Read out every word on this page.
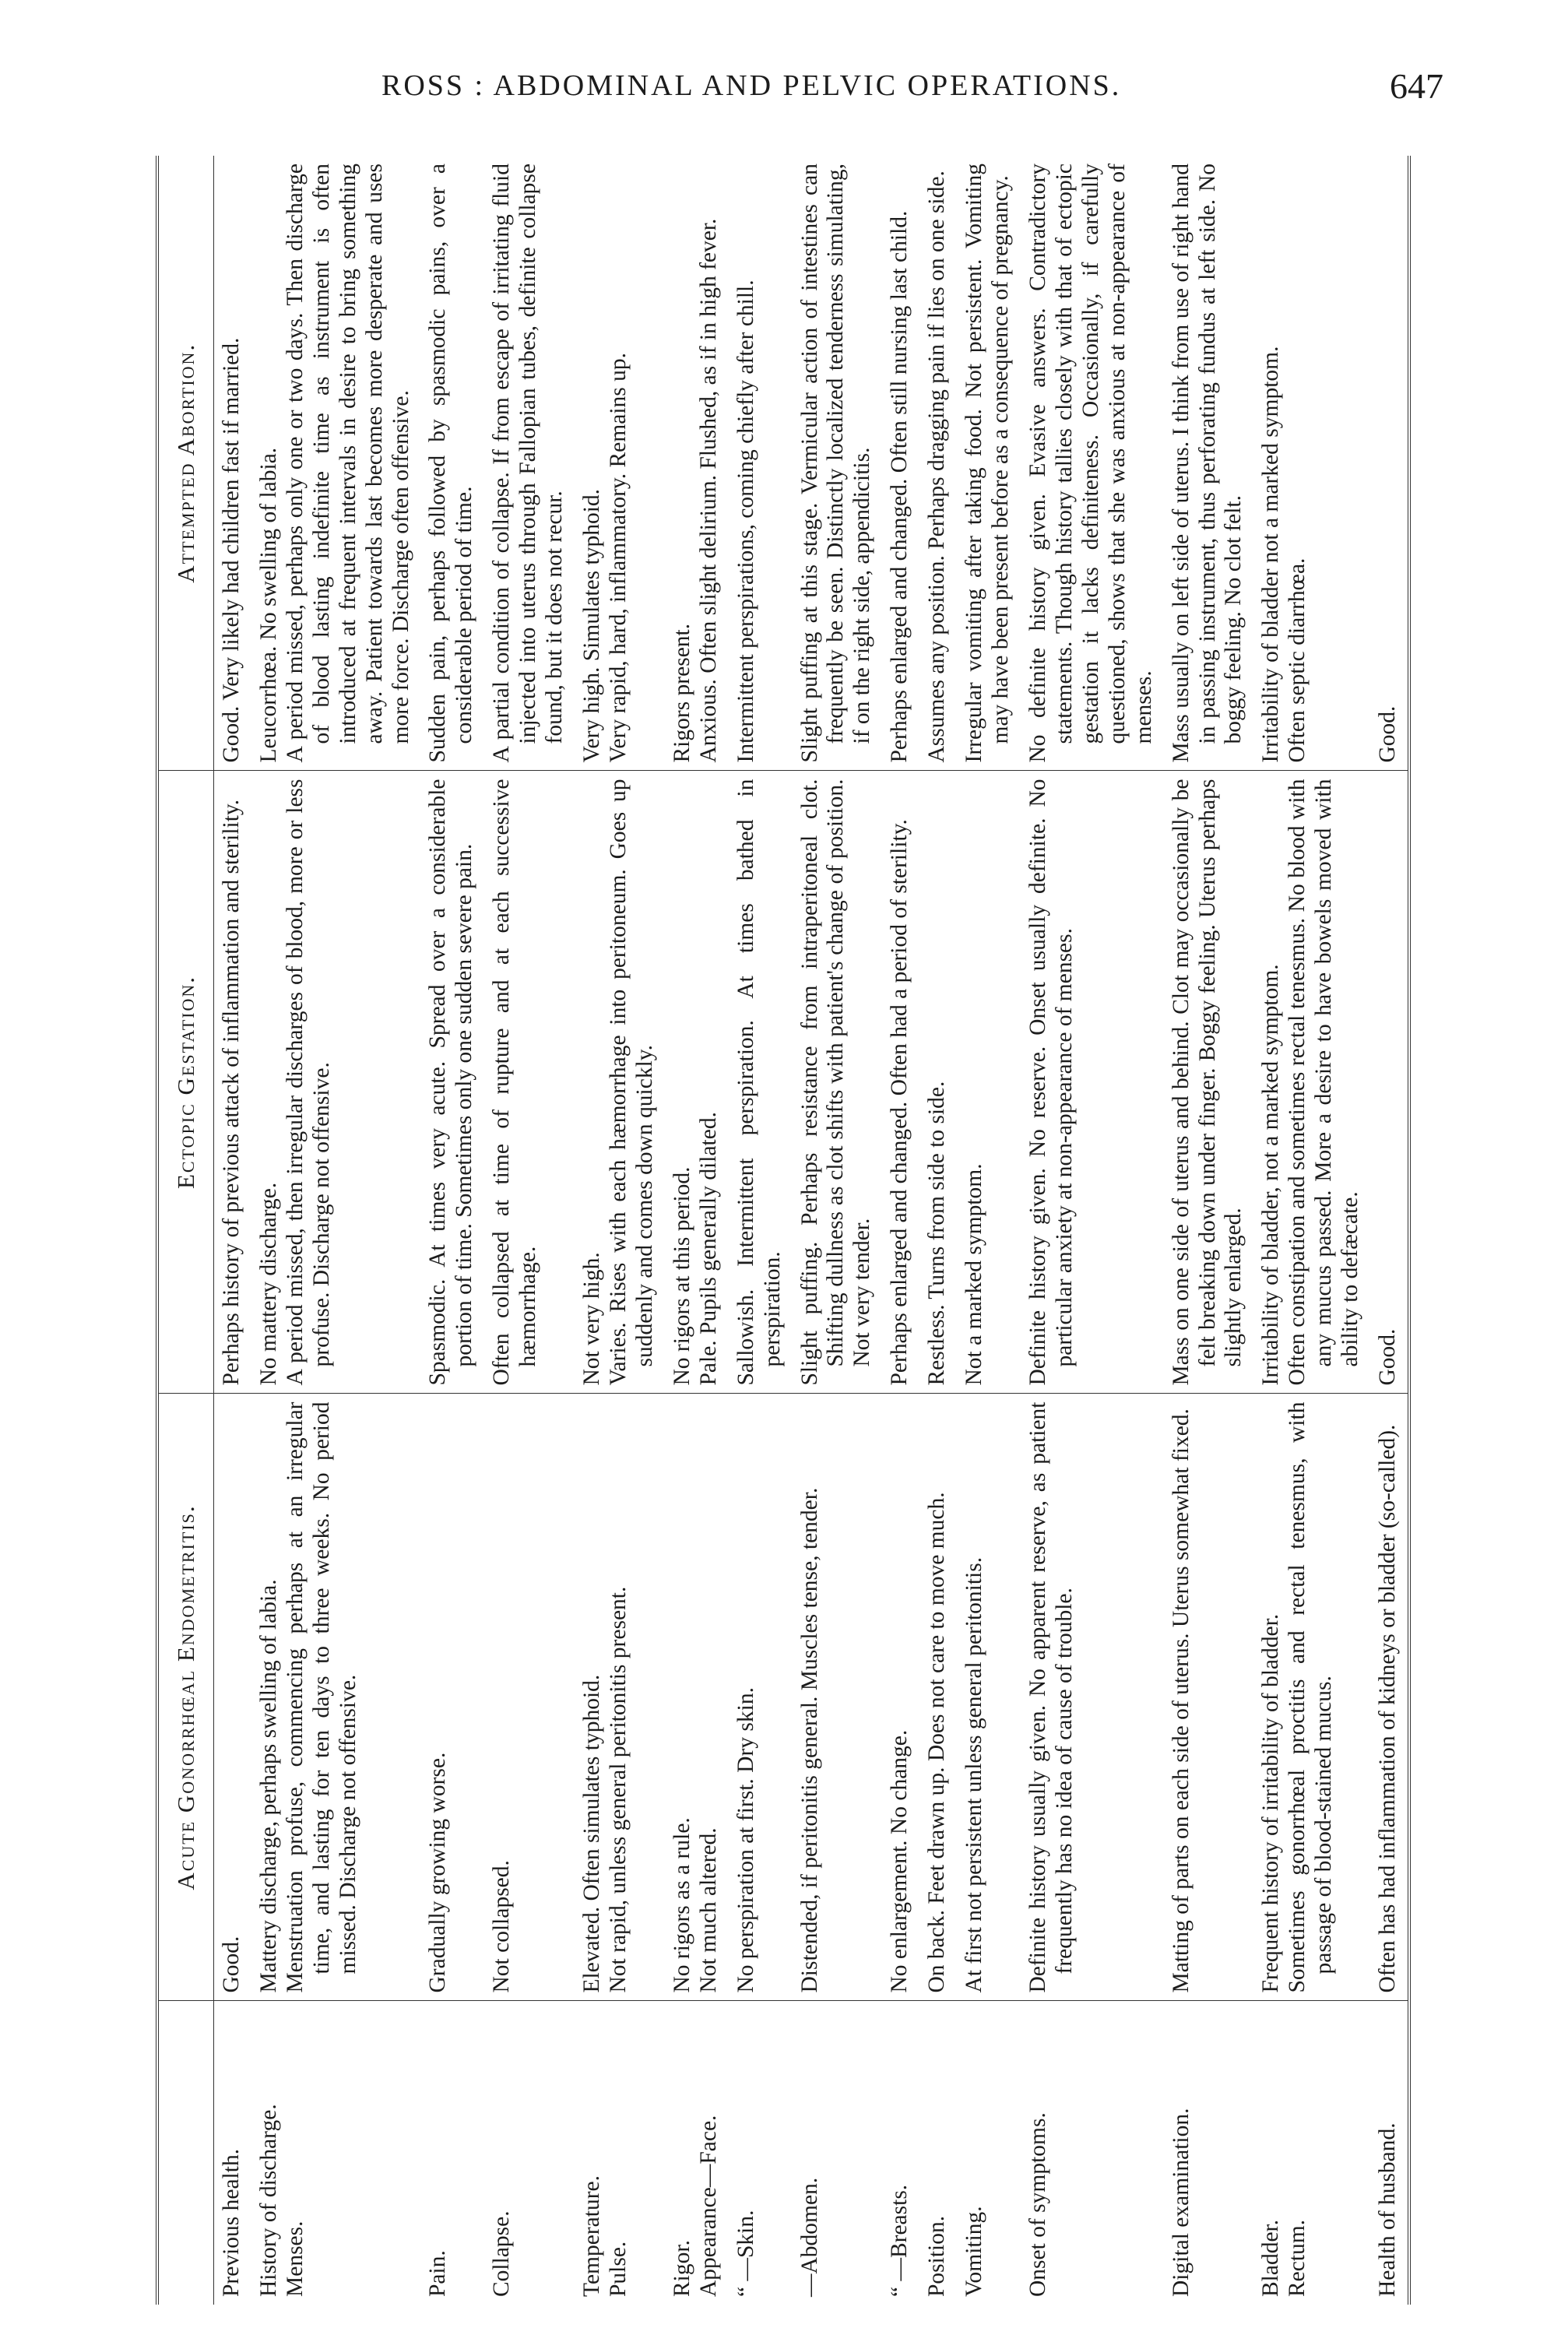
ROSS : ABDOMINAL AND PELVIC OPERATIONS.	647
	Acute Gonorrhœal Endometritis.	Ectopic Gestation.	Attempted Abortion.

Previous health.	Good.	Perhaps history of previous attack of inflammation and sterility.	Good. Very likely had children fast if married.

History of discharge. Menses.	Mattery discharge, perhaps swelling of labia. Menstruation profuse, commencing perhaps at an irregular time, and lasting for ten days to three weeks. No period missed. Discharge not offensive.	No mattery discharge. A period missed, then irregular discharges of blood, more or less profuse. Discharge not offensive.	Leucorrhœa. No swelling of labia. A period missed, perhaps only one or two days. Then discharge of blood lasting indefinite time as instrument is often introduced at frequent intervals in desire to bring something away. Patient towards last becomes more desperate and uses more force. Discharge often offensive.

Pain.	Gradually growing worse.	Spasmodic. At times very acute. Spread over a considerable portion of time. Sometimes only one sudden severe pain.	Sudden pain, perhaps followed by spasmodic pains, over a considerable period of time.

Collapse.	Not collapsed.	Often collapsed at time of rupture and at each successive hæmorrhage.	A partial condition of collapse. If from escape of irritating fluid injected into uterus through Fallopian tubes, definite collapse found, but it does not recur.

Temperature. Pulse.	Elevated. Often simulates typhoid. Not rapid, unless general peritonitis present.	Not very high. Varies. Rises with each hæmorrhage into peritoneum. Goes up suddenly and comes down quickly.	Very high. Simulates typhoid. Very rapid, hard, inflammatory. Remains up.

Rigor. Appearance—Face.	No rigors as a rule. Not much altered.	No rigors at this period. Pale. Pupils generally dilated.	Rigors present. Anxious. Often slight delirium. Flushed, as if in high fever.

“ —Skin.	No perspiration at first. Dry skin.	Sallowish. Intermittent perspiration. At times bathed in perspiration.	Intermittent perspirations, coming chiefly after chill.

—Abdomen.	Distended, if peritonitis general. Muscles tense, tender.	Slight puffing. Perhaps resistance from intraperitoneal clot. Shifting dullness as clot shifts with patient's change of position. Not very tender.	Slight puffing at this stage. Vermicular action of intestines can frequently be seen. Distinctly localized tenderness simulating, if on the right side, appendicitis.

“ —Breasts.	No enlargement. No change.	Perhaps enlarged and changed. Often had a period of sterility.	Perhaps enlarged and changed. Often still nursing last child.

Position.	On back. Feet drawn up. Does not care to move much.	Restless. Turns from side to side.	Assumes any position. Perhaps dragging pain if lies on one side.

Vomiting.	At first not persistent unless general peritonitis.	Not a marked symptom.	Irregular vomiting after taking food. Not persistent. Vomiting may have been present before as a consequence of pregnancy.

Onset of symptoms.	Definite history usually given. No apparent reserve, as patient frequently has no idea of cause of trouble.	Definite history given. No reserve. Onset usually definite. No particular anxiety at non-appearance of menses.	No definite history given. Evasive answers. Contradictory statements. Though history tallies closely with that of ectopic gestation it lacks definiteness. Occasionally, if carefully questioned, shows that she was anxious at non-appearance of menses.

Digital examination.	Matting of parts on each side of uterus. Uterus somewhat fixed.	Mass on one side of uterus and behind. Clot may occasionally be felt breaking down under finger. Boggy feeling. Uterus perhaps slightly enlarged.	Mass usually on left side of uterus. I think from use of right hand in passing instrument, thus perforating fundus at left side. No boggy feeling. No clot felt.

Bladder. Rectum.	Frequent history of irritability of bladder. Sometimes gonorrhœal proctitis and rectal tenesmus, with passage of blood-stained mucus.	Irritability of bladder, not a marked symptom. Often constipation and sometimes rectal tenesmus. No blood with any mucus passed. More a desire to have bowels moved with ability to defæcate.	Irritability of bladder not a marked symptom. Often septic diarrhœa.

Health of husband.	Often has had inflammation of kidneys or bladder (so-called).	Good.	Good.
